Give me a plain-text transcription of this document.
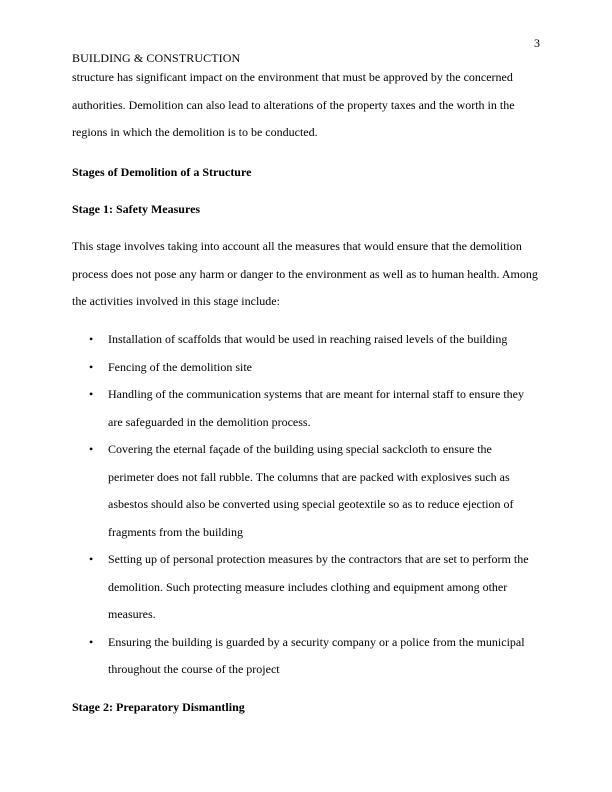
3
BUILDING & CONSTRUCTION
structure has significant impact on the environment that must be approved by the concerned
authorities. Demolition can also lead to alterations of the property taxes and the worth in the
regions in which the demolition is to be conducted.
Stages of Demolition of a Structure
Stage 1: Safety Measures
This stage involves taking into account all the measures that would ensure that the demolition
process does not pose any harm or danger to the environment as well as to human health. Among
the activities involved in this stage include:
• Installation of scaffolds that would be used in reaching raised levels of the building
• Fencing of the demolition site
• Handling of the communication systems that are meant for internal staff to ensure they
are safeguarded in the demolition process.
• Covering the eternal façade of the building using special sackcloth to ensure the
perimeter does not fall rubble. The columns that are packed with explosives such as
asbestos should also be converted using special geotextile so as to reduce ejection of
fragments from the building
• Setting up of personal protection measures by the contractors that are set to perform the
demolition. Such protecting measure includes clothing and equipment among other
measures.
• Ensuring the building is guarded by a security company or a police from the municipal
throughout the course of the project
Stage 2: Preparatory Dismantling
